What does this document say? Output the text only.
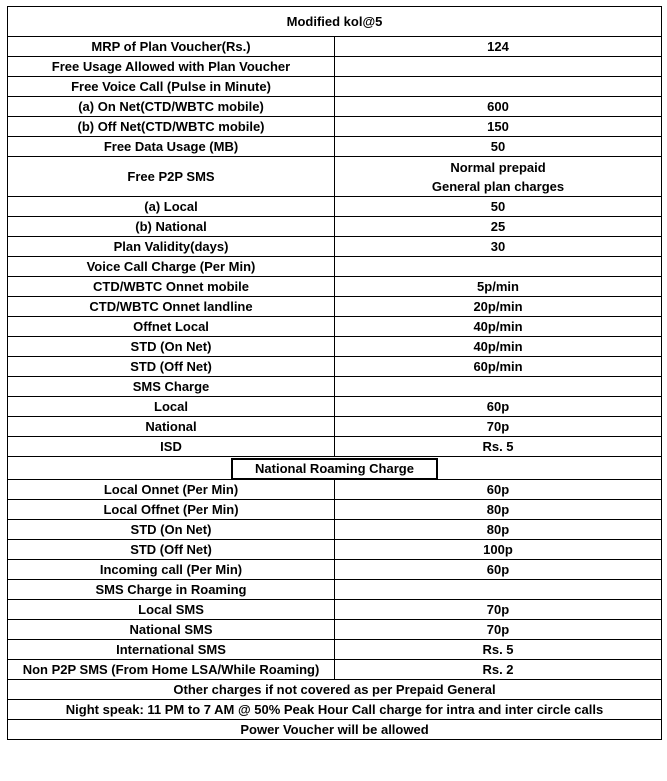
Modified kol@5	
MRP of Plan Voucher(Rs.)	124
Free Usage Allowed with Plan Voucher	
Free Voice Call (Pulse in Minute)	
(a) On Net(CTD/WBTC mobile)	600
(b) Off Net(CTD/WBTC mobile)	150
Free Data Usage (MB)	50
Free P2P SMS	Normal prepaid
General plan charges

(a) Local	50
(b) National	25
Plan Validity(days)	30
Voice Call Charge (Per Min)	
CTD/WBTC Onnet mobile	5p/min
CTD/WBTC Onnet landline	20p/min
Offnet Local	40p/min
STD (On Net)	40p/min
STD (Off Net)	60p/min
SMS Charge	
Local	60p
National	70p
ISD	Rs. 5
National Roaming Charge	
Local Onnet (Per Min)	60p
Local Offnet (Per Min)	80p
STD (On Net)	80p
STD (Off Net)	100p
Incoming call (Per Min)	60p
SMS Charge in Roaming	
Local SMS	70p
National SMS	70p
International SMS	Rs. 5
Non P2P SMS (From Home LSA/While Roaming)	Rs. 2
Other charges if not covered as per Prepaid General	
Night speak: 11 PM to 7 AM @ 50% Peak Hour Call charge for intra and inter circle calls	
Power Voucher will be allowed	
